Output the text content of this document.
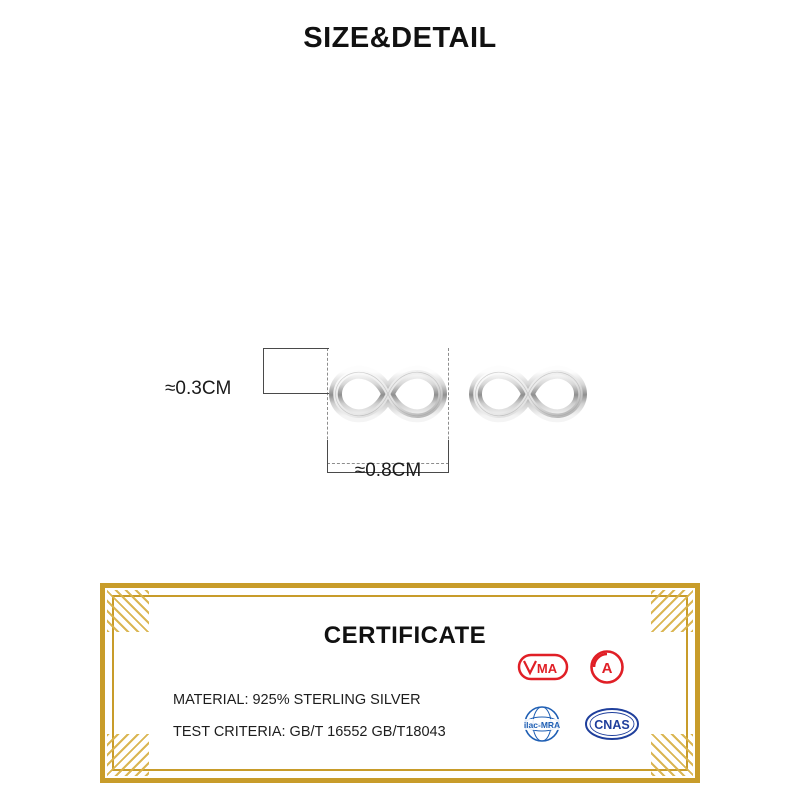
SIZE&DETAIL
≈0.3CM
≈0.8CM
CERTIFICATE
MATERIAL: 925% STERLING SILVER
TEST CRITERIA: GB/T 16552 GB/T18043
MA	A
ilac-MRA	CNAS
